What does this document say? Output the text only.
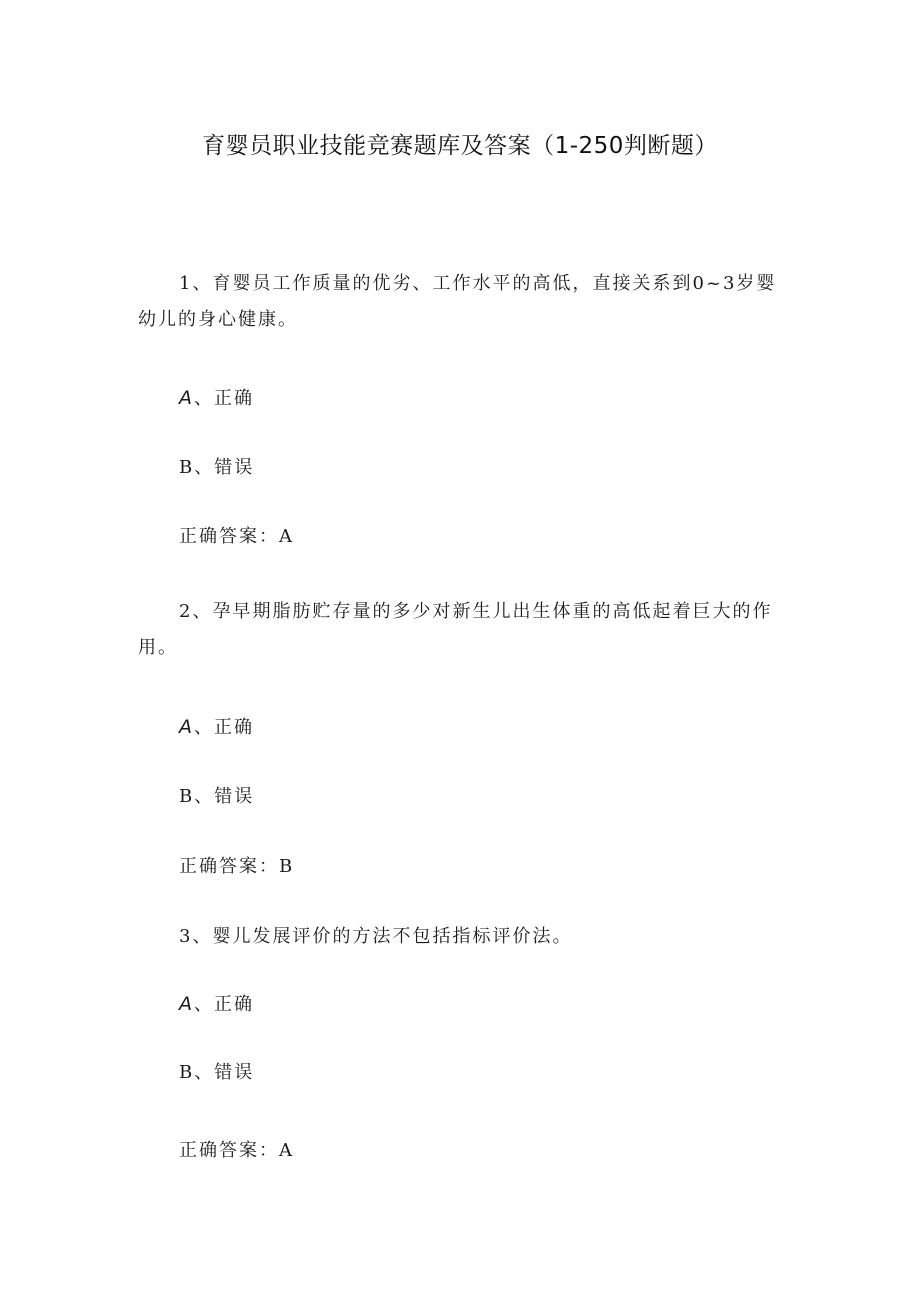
育婴员职业技能竞赛题库及答案（1-250判断题）

1、育婴员工作质量的优劣、工作水平的高低，直接关系到0~3岁婴幼儿的身心健康。

A、正确

B、错误

正确答案：A

2、孕早期脂肪贮存量的多少对新生儿出生体重的高低起着巨大的作用。

A、正确

B、错误

正确答案：B

3、婴儿发展评价的方法不包括指标评价法。

A、正确

B、错误

正确答案：A
